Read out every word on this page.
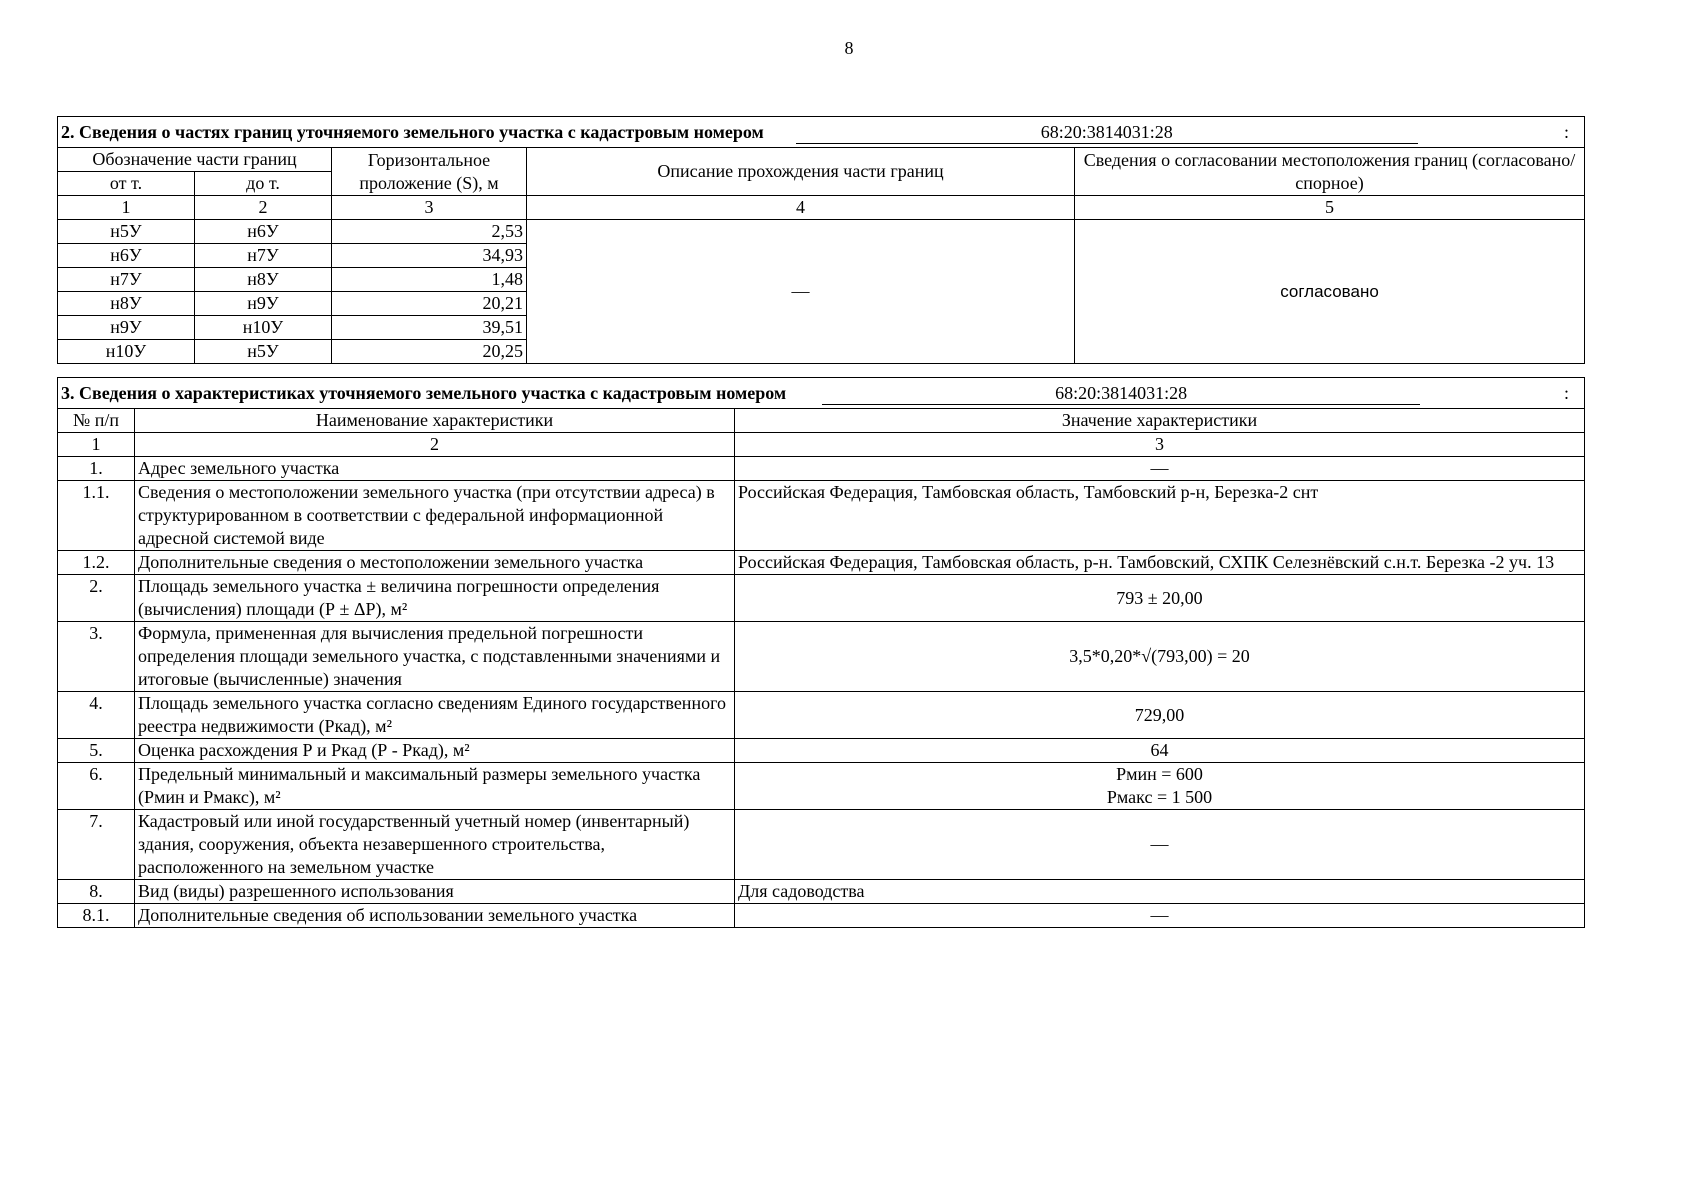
8
2. Сведения о частях границ уточняемого земельного участка с кадастровым номером 68:20:3814031:28 :				

Обозначение части границ		Горизонтальное проложение (S), м	Описание прохождения части границ	Сведения о согласовании местоположения границ (согласовано/спорное)
от т.	до т.			
1	2	3	4	5
н5У	н6У	2,53	—	согласовано
н6У	н7У	34,93		
н7У	н8У	1,48		
н8У	н9У	20,21		
н9У	н10У	39,51		
н10У	н5У	20,25		
3. Сведения о характеристиках уточняемого земельного участка с кадастровым номером 68:20:3814031:28 :		

№ п/п	Наименование характеристики	Значение характеристики
1	2	3
1.	Адрес земельного участка	—
1.1.	Сведения о местоположении земельного участка (при отсутствии адреса) в структурированном в соответствии с федеральной информационной адресной системой виде	Российская Федерация, Тамбовская область, Тамбовский р-н, Березка-2 снт
1.2.	Дополнительные сведения о местоположении земельного участка	Российская Федерация, Тамбовская область, р-н. Тамбовский, СХПК Селезнёвский с.н.т. Березка -2 уч. 13
2.	Площадь земельного участка ± величина погрешности определения (вычисления) площади (Р ± ΔР), м²	793 ± 20,00
3.	Формула, примененная для вычисления предельной погрешности определения площади земельного участка, с подставленными значениями и итоговые (вычисленные) значения	3,5*0,20*√(793,00) = 20
4.	Площадь земельного участка согласно сведениям Единого государственного реестра недвижимости (Ркад), м²	729,00
5.	Оценка расхождения Р и Ркад (Р - Ркад), м²	64
6.	Предельный минимальный и максимальный размеры земельного участка (Рмин и Рмакс), м²	Рмин = 600
Рмакс = 1 500

7.	Кадастровый или иной государственный учетный номер (инвентарный) здания, сооружения, объекта незавершенного строительства, расположенного на земельном участке	—
8.	Вид (виды) разрешенного использования	Для садоводства
8.1.	Дополнительные сведения об использовании земельного участка	—
